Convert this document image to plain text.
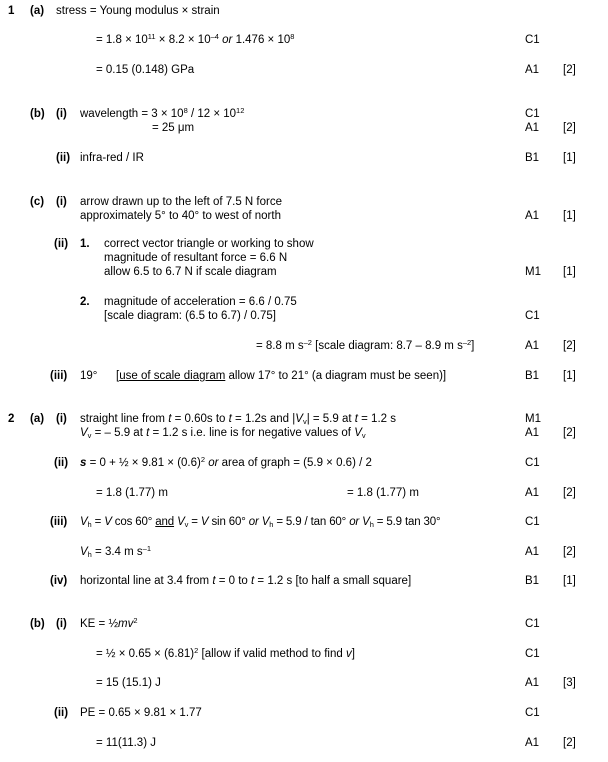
1 (a) stress = Young modulus × strain
= $1.8 \times 10^{11} \times 8.2 \times 10^{-4}$ or $1.476 \times 10^8$	C1
= 0.15 (0.148) GPa	A1 [2]
(b) (i) wavelength = $3 \times 10^8 / 12 \times 10^{12}$	C1
= 25 μm	A1 [2]
(ii) infra-red / IR	B1 [1]
(c) (i) arrow drawn up to the left of 7.5 N force
approximately 5° to 40° to west of north	A1 [1]
(ii) 1. correct vector triangle or working to show
magnitude of resultant force = 6.6 N
allow 6.5 to 6.7 N if scale diagram	M1 [1]
2. magnitude of acceleration = 6.6 / 0.75
[scale diagram: (6.5 to 6.7) / 0.75]	C1
= 8.8 m $s^{-2}$ [scale diagram: 8.7 – 8.9 m $s^{-2}$]	A1 [2]
(iii) 19° [use of scale diagram allow 17° to 21° (a diagram must be seen)]	B1 [1]
2 (a) (i) straight line from t = 0.60s to t = 1.2s and $|V_v| = 5.9$ at t = 1.2 s	M1
$V_v$ = – 5.9 at t = 1.2 s i.e. line is for negative values of $V_v$	A1 [2]
(ii) s = 0 + ½ × $9.81 \times (0.6)^2$ or area of graph = (5.9 × 0.6) / 2	C1
= 1.8 (1.77) m	= 1.8 (1.77) m	A1 [2]
(iii) $V_h = V$ cos 60° and $V_v = V$ sin 60° or $V_h = 5.9 / \tan 60^\circ$ or $V_h = 5.9$ tan 30°	C1
$V_h = 3.4$ m $s^{-1}$	A1 [2]
(iv) horizontal line at 3.4 from t = 0 to t = 1.2 s [to half a small square]	B1 [1]
(b) (i) KE = $\frac{1}{2}mv^2$	C1
= ½ × $0.65 \times (6.81)^2$ [allow if valid method to find v]	C1
= 15 (15.1) J	A1 [3]
(ii) PE = 0.65 × 9.81 × 1.77	C1
= 11(11.3) J	A1 [2]
